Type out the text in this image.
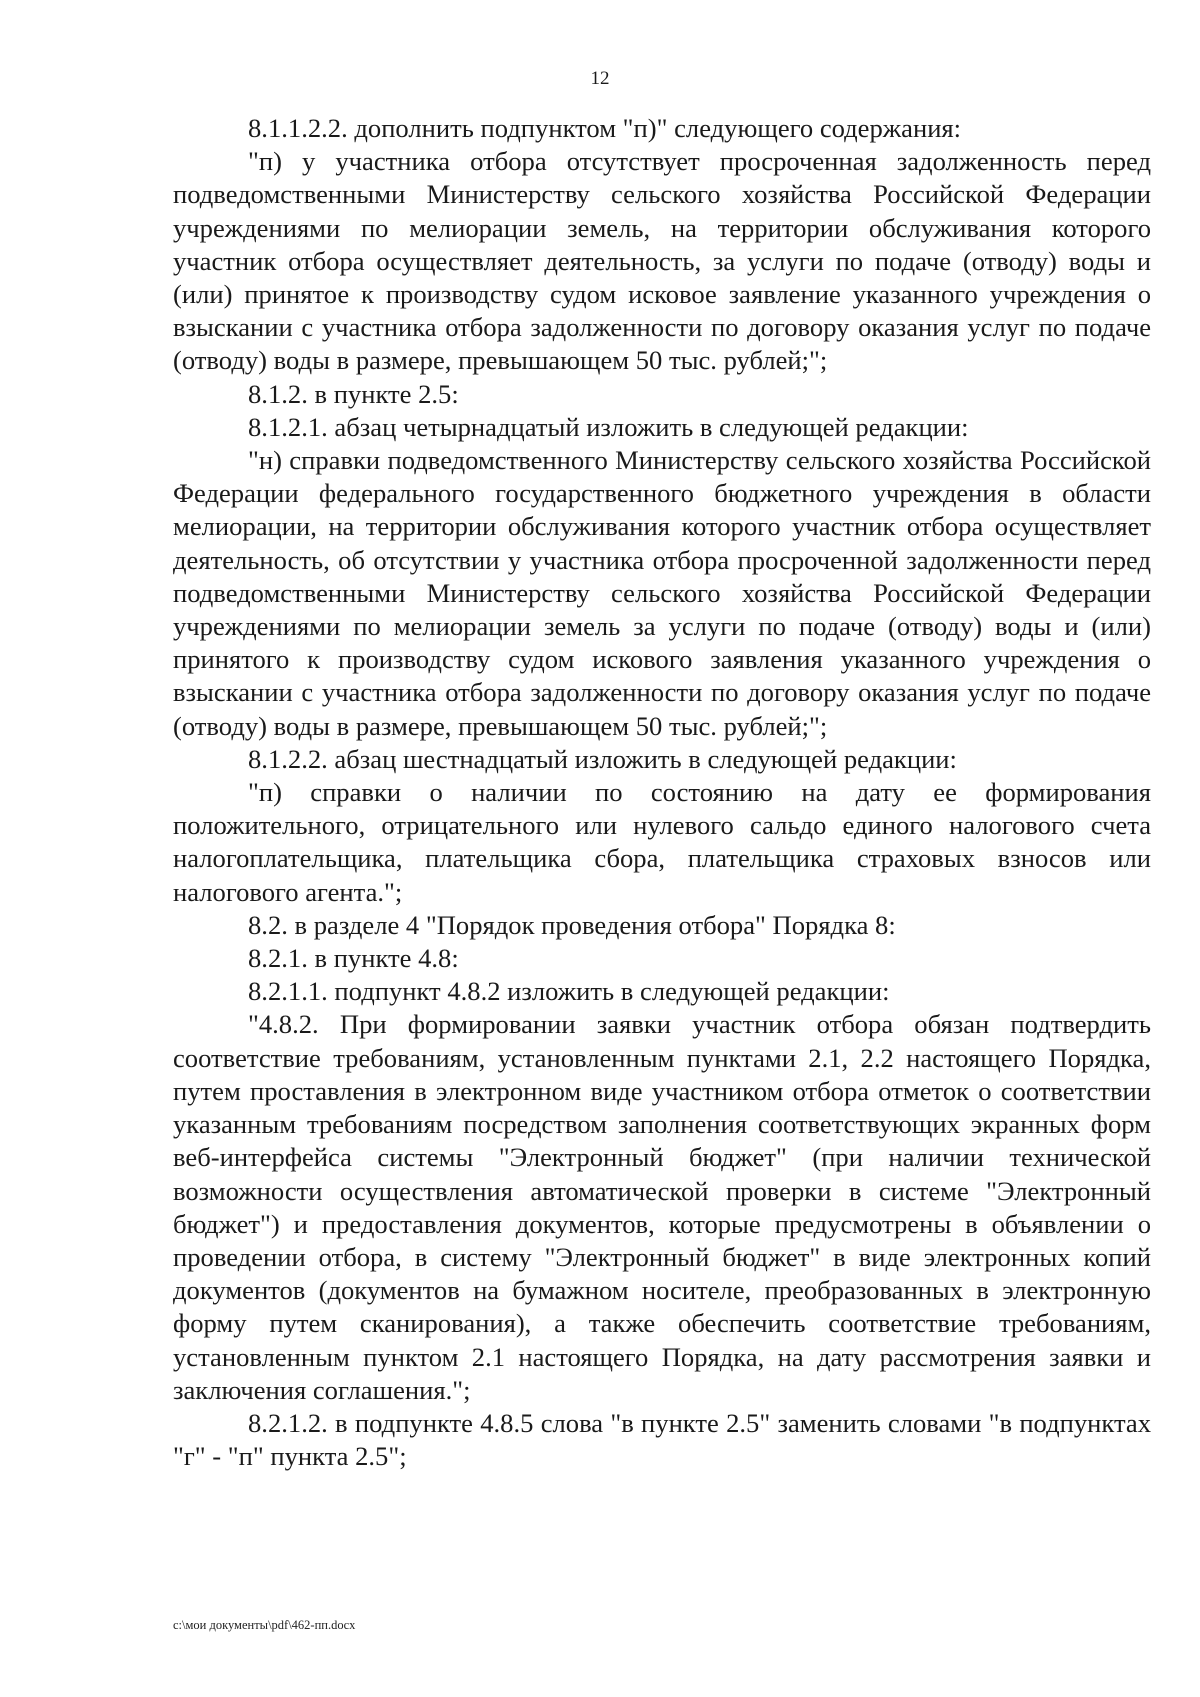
12

8.1.1.2.2. дополнить подпунктом "п)" следующего содержания:

"п) у участника отбора отсутствует просроченная задолженность перед подведомственными Министерству сельского хозяйства Российской Федерации учреждениями по мелиорации земель, на территории обслуживания которого участник отбора осуществляет деятельность, за услуги по подаче (отводу) воды и (или) принятое к производству судом исковое заявление указанного учреждения о взыскании с участника отбора задолженности по договору оказания услуг по подаче (отводу) воды в размере, превышающем 50 тыс. рублей;";

8.1.2. в пункте 2.5:

8.1.2.1. абзац четырнадцатый изложить в следующей редакции:

"н) справки подведомственного Министерству сельского хозяйства Российской Федерации федерального государственного бюджетного учреждения в области мелиорации, на территории обслуживания которого участник отбора осуществляет деятельность, об отсутствии у участника отбора просроченной задолженности перед подведомственными Министерству сельского хозяйства Российской Федерации учреждениями по мелиорации земель за услуги по подаче (отводу) воды и (или) принятого к производству судом искового заявления указанного учреждения о взыскании с участника отбора задолженности по договору оказания услуг по подаче (отводу) воды в размере, превышающем 50 тыс. рублей;";

8.1.2.2. абзац шестнадцатый изложить в следующей редакции:

"п) справки о наличии по состоянию на дату ее формирования положительного, отрицательного или нулевого сальдо единого налогового счета налогоплательщика, плательщика сбора, плательщика страховых взносов или налогового агента.";

8.2. в разделе 4 "Порядок проведения отбора" Порядка 8:

8.2.1. в пункте 4.8:

8.2.1.1. подпункт 4.8.2 изложить в следующей редакции:

"4.8.2. При формировании заявки участник отбора обязан подтвердить соответствие требованиям, установленным пунктами 2.1, 2.2 настоящего Порядка, путем проставления в электронном виде участником отбора отметок о соответствии указанным требованиям посредством заполнения соответствующих экранных форм веб-интерфейса системы "Электронный бюджет" (при наличии технической возможности осуществления автоматической проверки в системе "Электронный бюджет") и предоставления документов, которые предусмотрены в объявлении о проведении отбора, в систему "Электронный бюджет" в виде электронных копий документов (документов на бумажном носителе, преобразованных в электронную форму путем сканирования), а также обеспечить соответствие требованиям, установленным пунктом 2.1 настоящего Порядка, на дату рассмотрения заявки и заключения соглашения.";

8.2.1.2. в подпункте 4.8.5 слова "в пункте 2.5" заменить словами "в подпунктах "г" - "п" пункта 2.5";

c:\мои документы\pdf\462-пп.docx
